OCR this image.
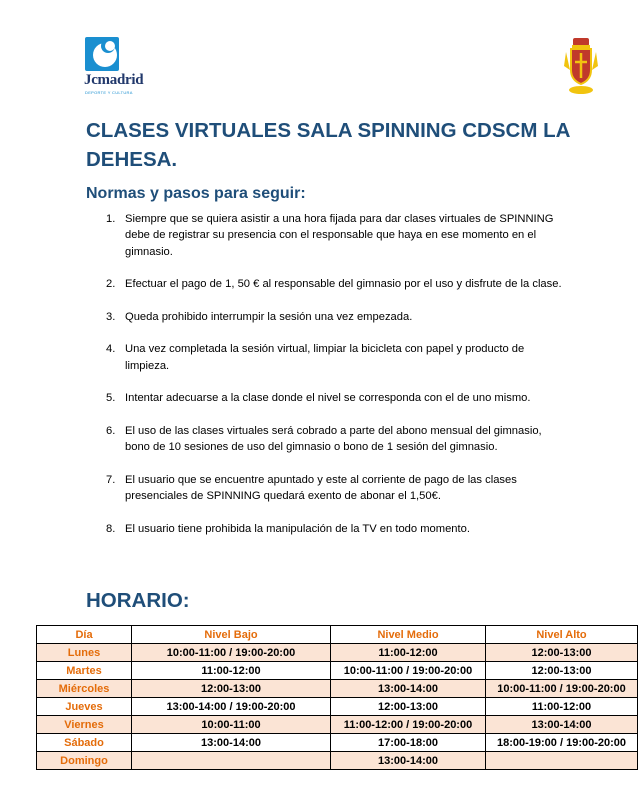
Jcmadrid
DEPORTE Y CULTURA
CLASES VIRTUALES SALA SPINNING CDSCM LA DEHESA.
Normas y pasos para seguir:
1. Siempre que se quiera asistir a una hora fijada para dar clases virtuales de SPINNING debe de registrar su presencia con el responsable que haya en ese momento en el gimnasio.
2. Efectuar el pago de 1, 50 € al responsable del gimnasio por el uso y disfrute de la clase.
3. Queda prohibido interrumpir la sesión una vez empezada.
4. Una vez completada la sesión virtual, limpiar la bicicleta con papel y producto de limpieza.
5. Intentar adecuarse a la clase donde el nivel se corresponda con el de uno mismo.
6. El uso de las clases virtuales será cobrado a parte del abono mensual del gimnasio, bono de 10 sesiones de uso del gimnasio o bono de 1 sesión del gimnasio.
7. El usuario que se encuentre apuntado y este al corriente de pago de las clases presenciales de SPINNING quedará exento de abonar el 1,50€.
8. El usuario tiene prohibida la manipulación de la TV en todo momento.
HORARIO:
Día	Nivel Bajo	Nivel Medio	Nivel Alto
Lunes	10:00-11:00 / 19:00-20:00	11:00-12:00	12:00-13:00
Martes	11:00-12:00	10:00-11:00 / 19:00-20:00	12:00-13:00
Miércoles	12:00-13:00	13:00-14:00	10:00-11:00 / 19:00-20:00
Jueves	13:00-14:00 / 19:00-20:00	12:00-13:00	11:00-12:00
Viernes	10:00-11:00	11:00-12:00 / 19:00-20:00	13:00-14:00
Sábado	13:00-14:00	17:00-18:00	18:00-19:00 / 19:00-20:00
Domingo		13:00-14:00	
